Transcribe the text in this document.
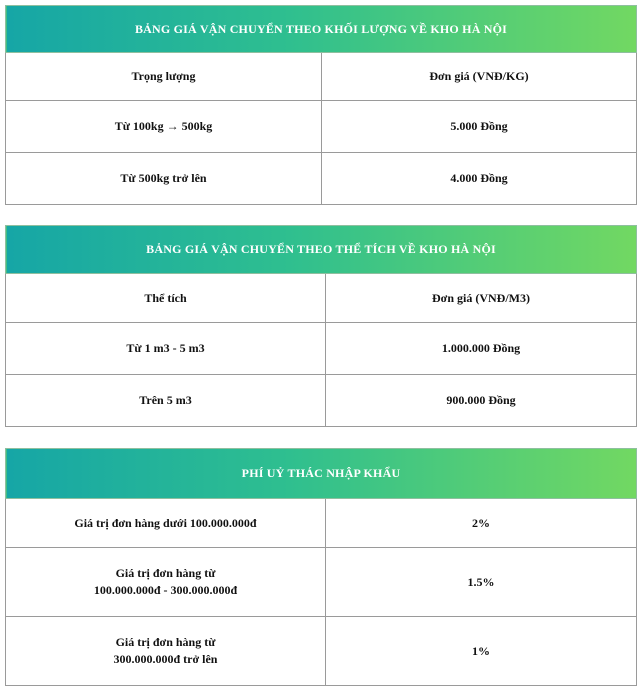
BẢNG GIÁ VẬN CHUYỂN THEO KHỐI LƯỢNG VỀ KHO HÀ NỘI	
Trọng lượng	Đơn giá (VNĐ/KG)
Từ 100kg → 500kg	5.000 Đồng
Từ 500kg trở lên	4.000 Đồng
BẢNG GIÁ VẬN CHUYỂN THEO THỂ TÍCH VỀ KHO HÀ NỘI	
Thể tích	Đơn giá (VNĐ/M3)
Từ 1 m3 - 5 m3	1.000.000 Đồng
Trên 5 m3	900.000 Đồng
PHÍ UỶ THÁC NHẬP KHẨU	
Giá trị đơn hàng dưới 100.000.000đ	2%
Giá trị đơn hàng từ
100.000.000đ - 300.000.000đ	1.5%
Giá trị đơn hàng từ
300.000.000đ trở lên	1%
